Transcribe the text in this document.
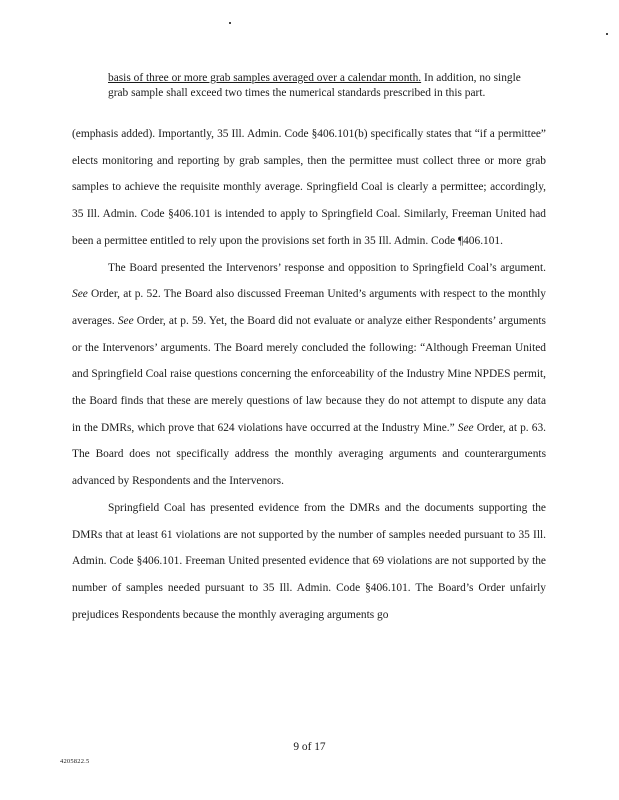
basis of three or more grab samples averaged over a calendar month. In addition, no single grab sample shall exceed two times the numerical standards prescribed in this part.

(emphasis added). Importantly, 35 Ill. Admin. Code §406.101(b) specifically states that “if a permittee” elects monitoring and reporting by grab samples, then the permittee must collect three or more grab samples to achieve the requisite monthly average. Springfield Coal is clearly a permittee; accordingly, 35 Ill. Admin. Code §406.101 is intended to apply to Springfield Coal. Similarly, Freeman United had been a permittee entitled to rely upon the provisions set forth in 35 Ill. Admin. Code ¶406.101.

The Board presented the Intervenors’ response and opposition to Springfield Coal’s argument. See Order, at p. 52. The Board also discussed Freeman United’s arguments with respect to the monthly averages. See Order, at p. 59. Yet, the Board did not evaluate or analyze either Respondents’ arguments or the Intervenors’ arguments. The Board merely concluded the following: “Although Freeman United and Springfield Coal raise questions concerning the enforceability of the Industry Mine NPDES permit, the Board finds that these are merely questions of law because they do not attempt to dispute any data in the DMRs, which prove that 624 violations have occurred at the Industry Mine.” See Order, at p. 63. The Board does not specifically address the monthly averaging arguments and counterarguments advanced by Respondents and the Intervenors.

Springfield Coal has presented evidence from the DMRs and the documents supporting the DMRs that at least 61 violations are not supported by the number of samples needed pursuant to 35 Ill. Admin. Code §406.101. Freeman United presented evidence that 69 violations are not supported by the number of samples needed pursuant to 35 Ill. Admin. Code §406.101. The Board’s Order unfairly prejudices Respondents because the monthly averaging arguments go

9 of 17
4205822.5
